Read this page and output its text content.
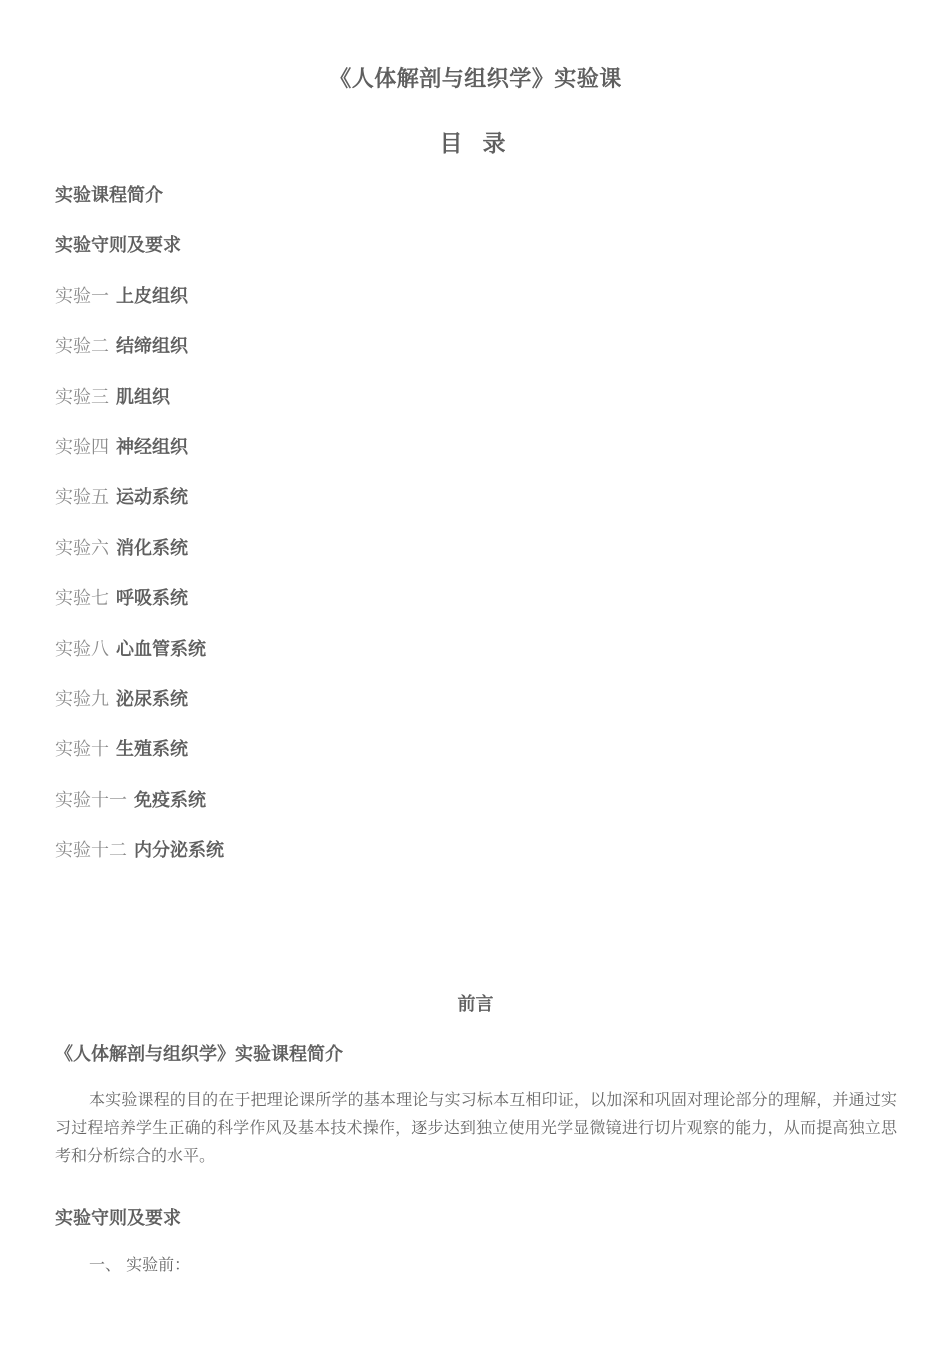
《人体解剖与组织学》实验课
目 录
实验课程简介
实验守则及要求
实验一 上皮组织
实验二 结缔组织
实验三 肌组织
实验四 神经组织
实验五 运动系统
实验六 消化系统
实验七 呼吸系统
实验八 心血管系统
实验九 泌尿系统
实验十 生殖系统
实验十一 免疫系统
实验十二 内分泌系统
前言
《人体解剖与组织学》实验课程简介

本实验课程的目的在于把理论课所学的基本理论与实习标本互相印证，以加深和巩固对理论部分的理解，并通过实习过程培养学生正确的科学作风及基本技术操作，逐步达到独立使用光学显微镜进行切片观察的能力，从而提高独立思考和分析综合的水平。

实验守则及要求
一、 实验前：
